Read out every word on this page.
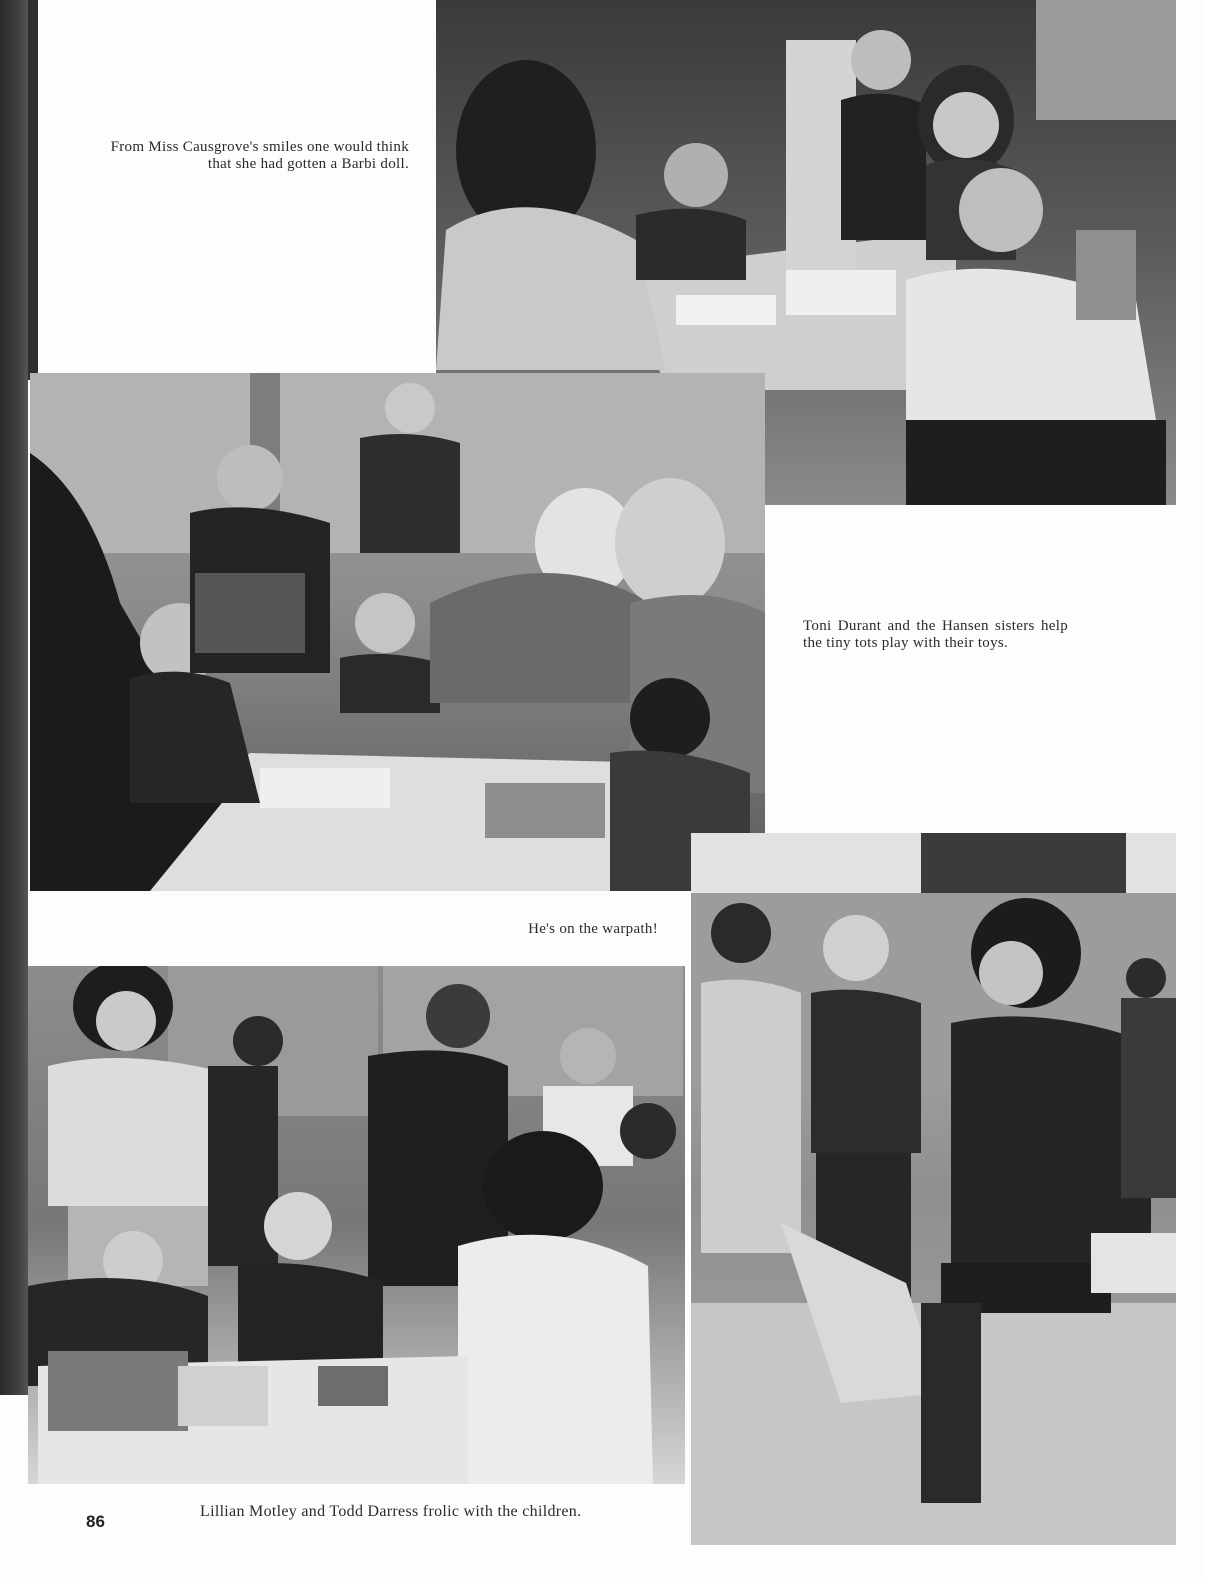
From Miss Causgrove's smiles one would think that she had gotten a Barbi doll.
Toni Durant and the Hansen sisters help the tiny tots play with their toys.
He's on the warpath!
Lillian Motley and Todd Darress frolic with the children.
86
